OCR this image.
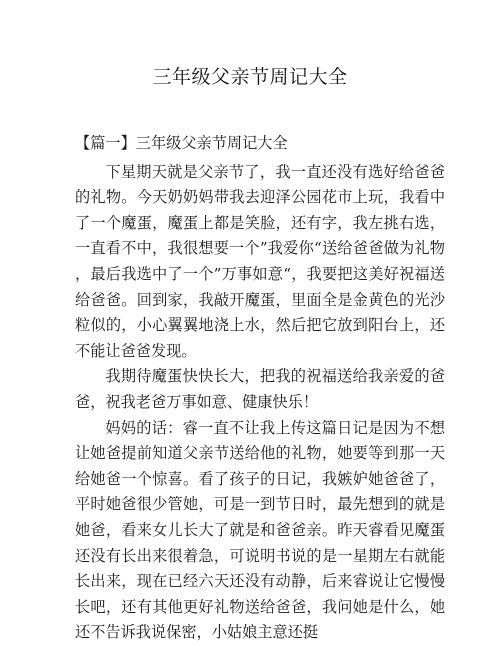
三年级父亲节周记大全
【篇一】三年级父亲节周记大全

下星期天就是父亲节了，我一直还没有选好给爸爸的礼物。今天奶奶妈带我去迎泽公园花市上玩，我看中了一个魔蛋，魔蛋上都是笑脸，还有字，我左挑右选，一直看不中，我很想要一个”我爱你“送给爸爸做为礼物，最后我选中了一个”万事如意“，我要把这美好祝福送给爸爸。回到家，我敲开魔蛋，里面全是金黄色的光沙粒似的，小心翼翼地浇上水，然后把它放到阳台上，还不能让爸爸发现。

我期待魔蛋快快长大，把我的祝福送给我亲爱的爸爸，祝我老爸万事如意、健康快乐！

妈妈的话：睿一直不让我上传这篇日记是因为不想让她爸提前知道父亲节送给他的礼物，她要等到那一天给她爸一个惊喜。看了孩子的日记，我嫉妒她爸爸了，平时她爸很少管她，可是一到节日时，最先想到的就是她爸，看来女儿长大了就是和爸爸亲。昨天睿看见魔蛋还没有长出来很着急，可说明书说的是一星期左右就能长出来，现在已经六天还没有动静，后来睿说让它慢慢长吧，还有其他更好礼物送给爸爸，我问她是什么，她还不告诉我说保密，小姑娘主意还挺
